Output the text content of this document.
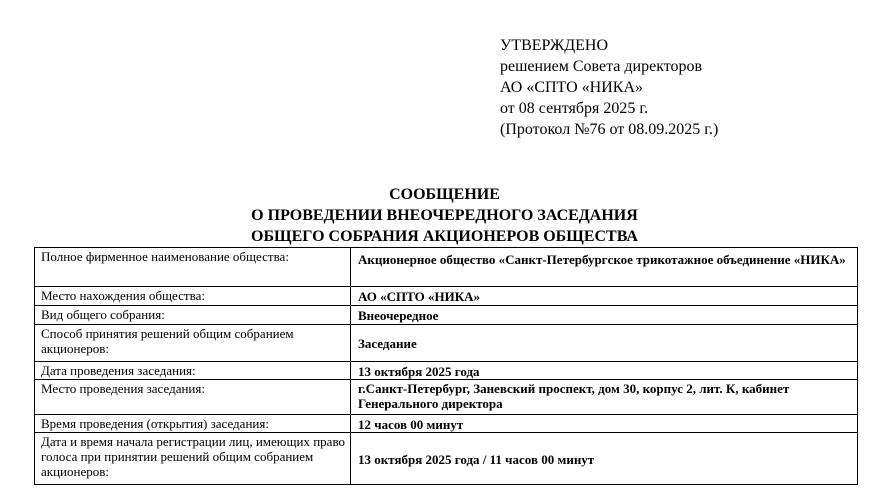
УТВЕРЖДЕНО
решением Совета директоров
АО «СПТО «НИКА»
от 08 сентября 2025 г.
(Протокол №76 от 08.09.2025 г.)
СООБЩЕНИЕ
О ПРОВЕДЕНИИ ВНЕОЧЕРЕДНОГО ЗАСЕДАНИЯ
ОБЩЕГО СОБРАНИЯ АКЦИОНЕРОВ ОБЩЕСТВА
Полное фирменное наименование общества:	Акционерное общество «Санкт-Петербургское трикотажное объединение «НИКА»
Место нахождения общества:	АО «СПТО «НИКА»
Вид общего собрания:	Внеочередное
Способ принятия решений общим собранием акционеров:	Заседание
Дата проведения заседания:	13 октября 2025 года
Место проведения заседания:	г.Санкт-Петербург, Заневский проспект, дом 30, корпус 2, лит. К, кабинет Генерального директора
Время проведения (открытия) заседания:	12 часов 00 минут
Дата и время начала регистрации лиц, имеющих право голоса при принятии решений общим собранием акционеров:	13 октября 2025 года / 11 часов 00 минут
